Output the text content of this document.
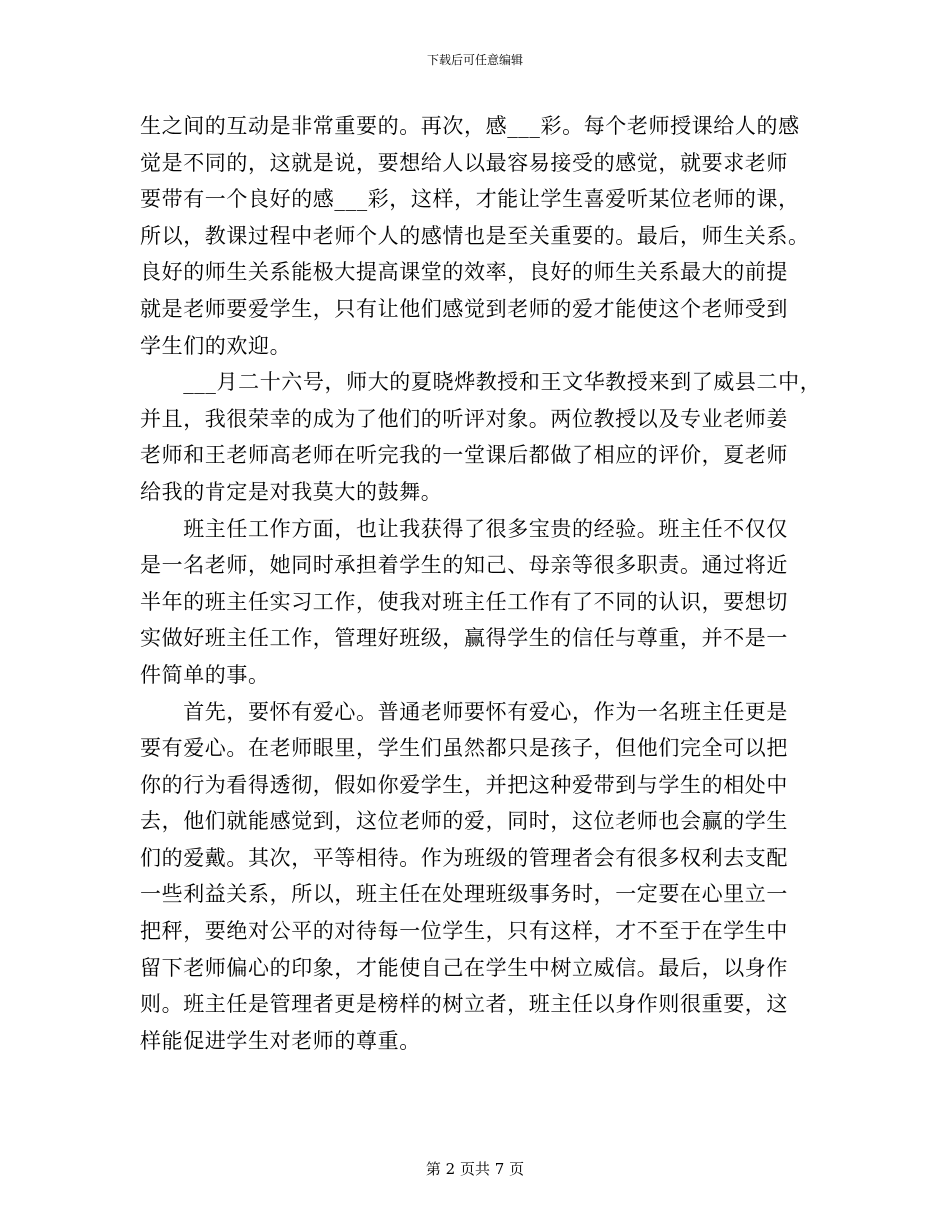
下载后可任意编辑

生之间的互动是非常重要的。再次，感___彩。每个老师授课给人的感
觉是不同的，这就是说，要想给人以最容易接受的感觉，就要求老师
要带有一个良好的感___彩，这样，才能让学生喜爱听某位老师的课，
所以，教课过程中老师个人的感情也是至关重要的。最后，师生关系。
良好的师生关系能极大提高课堂的效率，良好的师生关系最大的前提
就是老师要爱学生，只有让他们感觉到老师的爱才能使这个老师受到
学生们的欢迎。

　　___月二十六号，师大的夏晓烨教授和王文华教授来到了威县二中，
并且，我很荣幸的成为了他们的听评对象。两位教授以及专业老师姜
老师和王老师高老师在听完我的一堂课后都做了相应的评价，夏老师
给我的肯定是对我莫大的鼓舞。

　　班主任工作方面，也让我获得了很多宝贵的经验。班主任不仅仅
是一名老师，她同时承担着学生的知己、母亲等很多职责。通过将近
半年的班主任实习工作，使我对班主任工作有了不同的认识，要想切
实做好班主任工作，管理好班级，赢得学生的信任与尊重，并不是一
件简单的事。

　　首先，要怀有爱心。普通老师要怀有爱心，作为一名班主任更是
要有爱心。在老师眼里，学生们虽然都只是孩子，但他们完全可以把
你的行为看得透彻，假如你爱学生，并把这种爱带到与学生的相处中
去，他们就能感觉到，这位老师的爱，同时，这位老师也会赢的学生
们的爱戴。其次，平等相待。作为班级的管理者会有很多权利去支配
一些利益关系，所以，班主任在处理班级事务时，一定要在心里立一
把秤，要绝对公平的对待每一位学生，只有这样，才不至于在学生中
留下老师偏心的印象，才能使自己在学生中树立威信。最后，以身作
则。班主任是管理者更是榜样的树立者，班主任以身作则很重要，这
样能促进学生对老师的尊重。

第 2 页共 7 页
